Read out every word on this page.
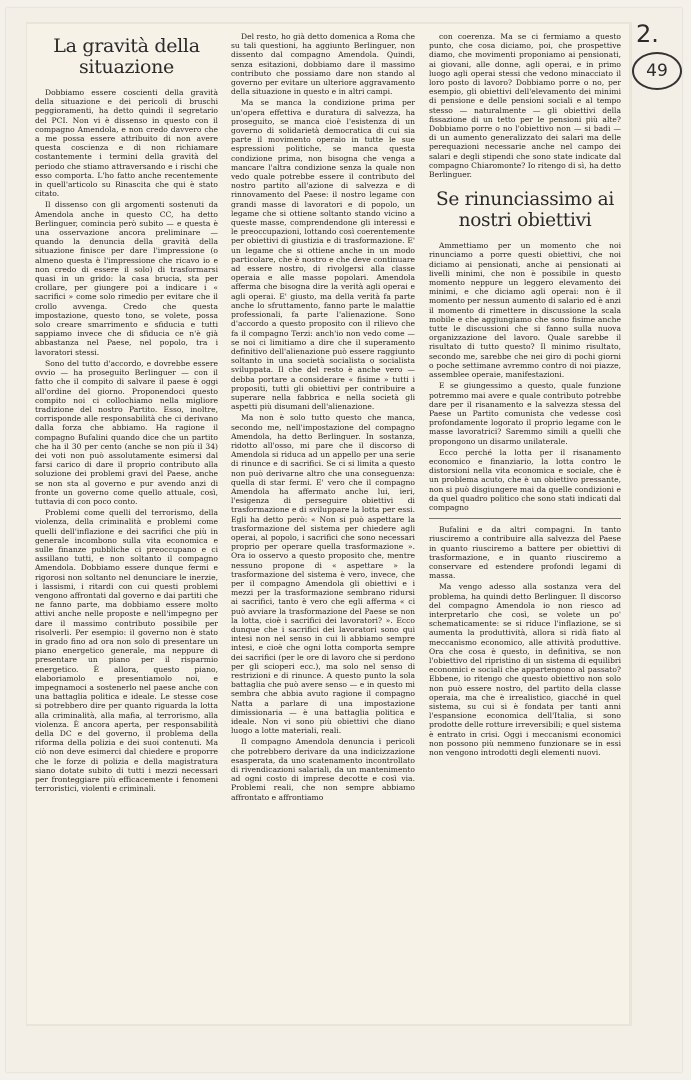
La gravità della situazione

Dobbiamo essere coscienti della gravità della situazione e dei pericoli di bruschi peggioramenti, ha detto quindi il segretario del PCI. Non vi è dissenso in questo con il compagno Amendola, e non credo davvero che a me possa essere attribuito di non avere questa coscienza e di non richiamare costantemente i termini della gravità del periodo che stiamo attraversando e i rischi che esso comporta. L'ho fatto anche recentemente in quell'articolo su Rinascita che qui è stato citato.

Il dissenso con gli argomenti sostenuti da Amendola anche in questo CC, ha detto Berlinguer, comincia però subito — e questa è una osservazione ancora preliminare — quando la denuncia della gravità della situazione finisce per dare l'impressione (o almeno questa è l'impressione che ricavo io e non credo di essere il solo) di trasformarsi quasi in un grido: la casa brucia, sta per crollare, per giungere poi a indicare i « sacrifici » come solo rimedio per evitare che il crollo avvenga. Credo che questa impostazione, questo tono, se volete, possa solo creare smarrimento e sfiducia e tutti sappiamo invece che di sfiducia ce n'è già abbastanza nel Paese, nel popolo, tra i lavoratori stessi.

Sono del tutto d'accordo, e dovrebbe essere ovvio — ha proseguito Berlinguer — con il fatto che il compito di salvare il paese è oggi all'ordine del giorno. Proponendoci questo compito noi ci collochiamo nella migliore tradizione del nostro Partito. Esso, inoltre, corrisponde alle responsabilità che ci derivano dalla forza che abbiamo. Ha ragione il compagno Bufalini quando dice che un partito che ha il 30 per cento (anche se non più il 34) dei voti non può assolutamente esimersi dal farsi carico di dare il proprio contributo alla soluzione dei problemi gravi del Paese, anche se non sta al governo e pur avendo anzi di fronte un governo come quello attuale, così, tuttavia di con poco conto.

Problemi come quelli del terrorismo, della violenza, della criminalità e problemi come quelli dell'inflazione e dei sacrifici che più in generale incombono sulla vita economica e sulle finanze pubbliche ci preoccupano e ci assillano tutti, e non soltanto il compagno Amendola. Dobbiamo essere dunque fermi e rigorosi non soltanto nel denunciare le inerzie, i lassismi, i ritardi con cui questi problemi vengono affrontati dal governo e dai partiti che ne fanno parte, ma dobbiamo essere molto attivi anche nelle proposte e nell'impegno per dare il massimo contributo possibile per risolverli. Per esempio: il governo non è stato in grado fino ad ora non solo di presentare un piano energetico generale, ma neppure di presentare un piano per il risparmio energetico. È allora, questo piano, elaboriamolo e presentiamolo noi, e impegnamoci a sostenerlo nel paese anche con una battaglia politica e ideale. Le stesse cose si potrebbero dire per quanto riguarda la lotta alla criminalità, alla mafia, al terrorismo, alla violenza. È ancora aperta, per responsabilità della DC e del governo, il problema della riforma della polizia e dei suoi contenuti. Ma ciò non deve esimerci dal chiedere e proporre che le forze di polizia e della magistratura siano dotate subito di tutti i mezzi necessari per fronteggiare più efficacemente i fenomeni terroristici, violenti e criminali.

Del resto, ho già detto domenica a Roma che su tali questioni, ha aggiunto Berlinguer, non dissento dal compagno Amendola. Quindi, senza esitazioni, dobbiamo dare il massimo contributo che possiamo dare non stando al governo per evitare un ulteriore aggravamento della situazione in questo e in altri campi.

Ma se manca la condizione prima per un'opera effettiva e duratura di salvezza, ha proseguito, se manca cioè l'esistenza di un governo di solidarietà democratica di cui sia parte il movimento operaio in tutte le sue espressioni politiche, se manca questa condizione prima, non bisogna che venga a mancare l'altra condizione senza la quale non vedo quale potrebbe essere il contributo del nostro partito all'azione di salvezza e di rinnovamento del Paese: il nostro legame con grandi masse di lavoratori e di popolo, un legame che si ottiene soltanto stando vicino a queste masse, comprendendone gli interessi e le preoccupazioni, lottando così coerentemente per obiettivi di giustizia e di trasformazione. E' un legame che si ottiene anche in un modo particolare, che è nostro e che deve continuare ad essere nostro, di rivolgersi alla classe operaia e alle masse popolari. Amendola afferma che bisogna dire la verità agli operai e agli operai. E' giusto, ma della verità fa parte anche lo sfruttamento, fanno parte le malattie professionali, fa parte l'alienazione. Sono d'accordo a questo proposito con il rilievo che fa il compagno Terzi: anch'io non vedo come — se noi ci limitiamo a dire che il superamento definitivo dell'alienazione può essere raggiunto soltanto in una società socialista o socialista sviluppata. Il che del resto è anche vero — debba portare a considerare « fisime » tutti i propositi, tutti gli obiettivi per contribuire a superare nella fabbrica e nella società gli aspetti più disumani dell'alienazione.

Ma non è solo tutto questo che manca, secondo me, nell'impostazione del compagno Amendola, ha detto Berlinguer. In sostanza, ridotto all'osso, mi pare che il discorso di Amendola si riduca ad un appello per una serie di rinunce e di sacrifici. Se ci si limita a questo non può derivarne altro che una conseguenza: quella di star fermi. E' vero che il compagno Amendola ha affermato anche lui, ieri, l'esigenza di perseguire obiettivi di trasformazione e di sviluppare la lotta per essi. Egli ha detto però: « Non si può aspettare la trasformazione del sistema per chiedere agli operai, al popolo, i sacrifici che sono necessari proprio per operare quella trasformazione ». Ora io osservo a questo proposito che, mentre nessuno propone di « aspettare » la trasformazione del sistema è vero, invece, che per il compagno Amendola gli obiettivi e i mezzi per la trasformazione sembrano ridursi ai sacrifici, tanto è vero che egli afferma « ci può avviare la trasformazione del Paese se non la lotta, cioè i sacrifici dei lavoratori? ». Ecco dunque che i sacrifici dei lavoratori sono qui intesi non nel senso in cui li abbiamo sempre intesi, e cioè che ogni lotta comporta sempre dei sacrifici (per le ore di lavoro che si perdono per gli scioperi ecc.), ma solo nel senso di restrizioni e di rinunce. A questo punto la sola battaglia che può avere senso — e in questo mi sembra che abbia avuto ragione il compagno Natta a parlare di una impostazione dimissionaria — è una battaglia politica e ideale. Non vi sono più obiettivi che diano luogo a lotte materiali, reali.

Il compagno Amendola denuncia i pericoli che potrebbero derivare da una indicizzazione esasperata, da uno scatenamento incontrollato di rivendicazioni salariali, da un mantenimento ad ogni costo di imprese decotte e così via. Problemi reali, che non sempre abbiamo affrontato e affrontiamo

con coerenza. Ma se ci fermiamo a questo punto, che cosa diciamo, poi, che prospettive diamo, che movimenti proponiamo ai pensionati, ai giovani, alle donne, agli operai, e in primo luogo agli operai stessi che vedono minacciato il loro posto di lavoro? Dobbiamo porre o no, per esempio, gli obiettivi dell'elevamento dei minimi di pensione e delle pensioni sociali e al tempo stesso — naturalmente — gli obiettivi della fissazione di un tetto per le pensioni più alte? Dobbiamo porre o no l'obiettivo non — si badi — di un aumento generalizzato dei salari ma delle perequazioni necessarie anche nel campo dei salari e degli stipendi che sono state indicate dal compagno Chiaromonte? Io ritengo di sì, ha detto Berlinguer.

Se rinunciassimo ai nostri obiettivi

Ammettiamo per un momento che noi rinunciamo a porre questi obiettivi, che noi diciamo ai pensionati, anche ai pensionati ai livelli minimi, che non è possibile in questo momento neppure un leggero elevamento dei minimi, e che diciamo agli operai: non è il momento per nessun aumento di salario ed è anzi il momento di rimettere in discussione la scala mobile e che aggiungiamo che sono fisime anche tutte le discussioni che si fanno sulla nuova organizzazione del lavoro. Quale sarebbe il risultato di tutto questo? Il minimo risultato, secondo me, sarebbe che nei giro di pochi giorni o poche settimane avremmo contro di noi piazze, assemblee operaie, manifestazioni.

E se giungessimo a questo, quale funzione potremmo mai avere e quale contributo potrebbe dare per il risanamento e la salvezza stessa del Paese un Partito comunista che vedesse così profondamente logorato il proprio legame con le masse lavoratrici? Saremmo simili a quelli che propongono un disarmo unilaterale.

Ecco perché la lotta per il risanamento economico e finanziario, la lotta contro le distorsioni nella vita economica e sociale, che è un problema acuto, che è un obiettivo pressante, non si può disgiungere mai da quelle condizioni e da quel quadro politico che sono stati indicati dal compagno

Bufalini e da altri compagni. In tanto riusciremo a contribuire alla salvezza del Paese in quanto riusciremo a battere per obiettivi di trasformazione, e in quanto riusciremo a conservare ed estendere profondi legami di massa.

Ma vengo adesso alla sostanza vera del problema, ha quindi detto Berlinguer. Il discorso del compagno Amendola io non riesco ad interpretarlo che così, se volete un po' schematicamente: se si riduce l'inflazione, se si aumenta la produttività, allora si ridà fiato al meccanismo economico, alle attività produttive. Ora che cosa è questo, in definitiva, se non l'obiettivo del ripristino di un sistema di equilibri economici e sociali che appartengono al passato? Ebbene, io ritengo che questo obiettivo non solo non può essere nostro, del partito della classe operaia, ma che è irrealistico, giacché in quel sistema, su cui si è fondata per tanti anni l'espansione economica dell'Italia, si sono prodotte delle rotture irreversibili; e quel sistema è entrato in crisi. Oggi i meccanismi economici non possono più nemmeno funzionare se in essi non vengono introdotti degli elementi nuovi.

2.
49
